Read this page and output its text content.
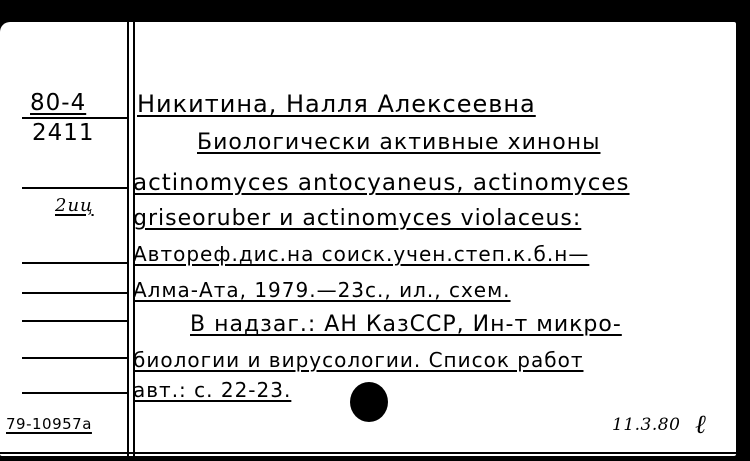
80-4
2411
2иц
Никитина, Налля Алексеевна
Биологически активные хиноны
actinomyces antocyaneus, actinomyces
griseoruber и actinomyces violaceus:
Автореф.дис.на соиск.учен.степ.к.б.н—
Алма-Ата, 1979.—23с., ил., схем.
В надзаг.: АН КазССР, Ин-т микро-
биологии и вирусологии. Список работ
авт.: с. 22-23.
79-10957а	11.3.80 ℓ
